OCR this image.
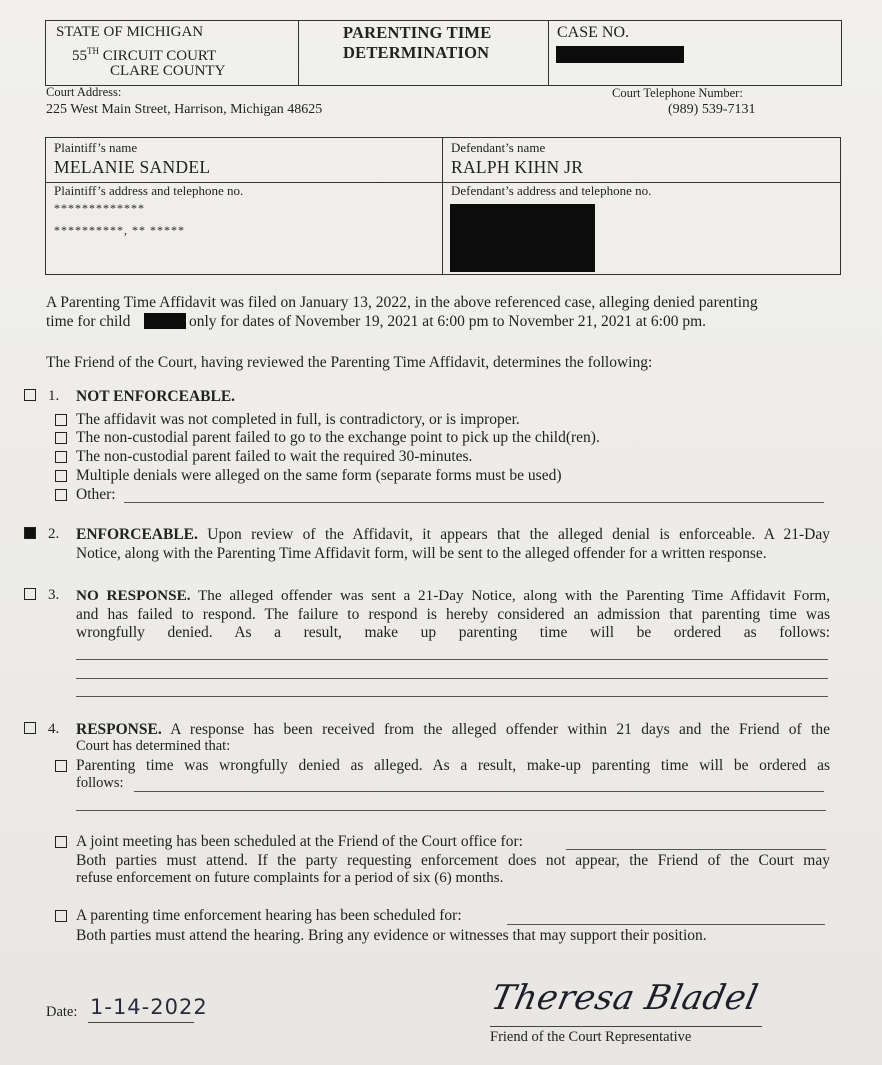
STATE OF MICHIGAN
55TH CIRCUIT COURT
CLARE COUNTY
PARENTING TIME
DETERMINATION
CASE NO.
Court Address:
225 West Main Street, Harrison, Michigan 48625
Court Telephone Number:
(989) 539-7131
Plaintiff’s name
MELANIE SANDEL
Defendant’s name
RALPH KIHN JR
Plaintiff’s address and telephone no.
*************
**********, ** *****
Defendant’s address and telephone no.
A Parenting Time Affidavit was filed on January 13, 2022, in the above referenced case, alleging denied parenting
time for child	only for dates of November 19, 2021 at 6:00 pm to November 21, 2021 at 6:00 pm.
The Friend of the Court, having reviewed the Parenting Time Affidavit, determines the following:
1. NOT ENFORCEABLE.
The affidavit was not completed in full, is contradictory, or is improper.
The non-custodial parent failed to go to the exchange point to pick up the child(ren).
The non-custodial parent failed to wait the required 30-minutes.
Multiple denials were alleged on the same form (separate forms must be used)
Other:
2. ENFORCEABLE. Upon review of the Affidavit, it appears that the alleged denial is enforceable. A 21-Day
Notice, along with the Parenting Time Affidavit form, will be sent to the alleged offender for a written response.
3. NO RESPONSE. The alleged offender was sent a 21-Day Notice, along with the Parenting Time Affidavit Form,
and has failed to respond. The failure to respond is hereby considered an admission that parenting time was
wrongfully denied. As a result, make up parenting time will be ordered as follows:
4. RESPONSE. A response has been received from the alleged offender within 21 days and the Friend of the
Court has determined that:
Parenting time was wrongfully denied as alleged. As a result, make-up parenting time will be ordered as
follows:
A joint meeting has been scheduled at the Friend of the Court office for:
Both parties must attend. If the party requesting enforcement does not appear, the Friend of the Court may
refuse enforcement on future complaints for a period of six (6) months.
A parenting time enforcement hearing has been scheduled for:
Both parties must attend the hearing. Bring any evidence or witnesses that may support their position.
Date: 1-14-2022	Theresa Bladel
Friend of the Court Representative
